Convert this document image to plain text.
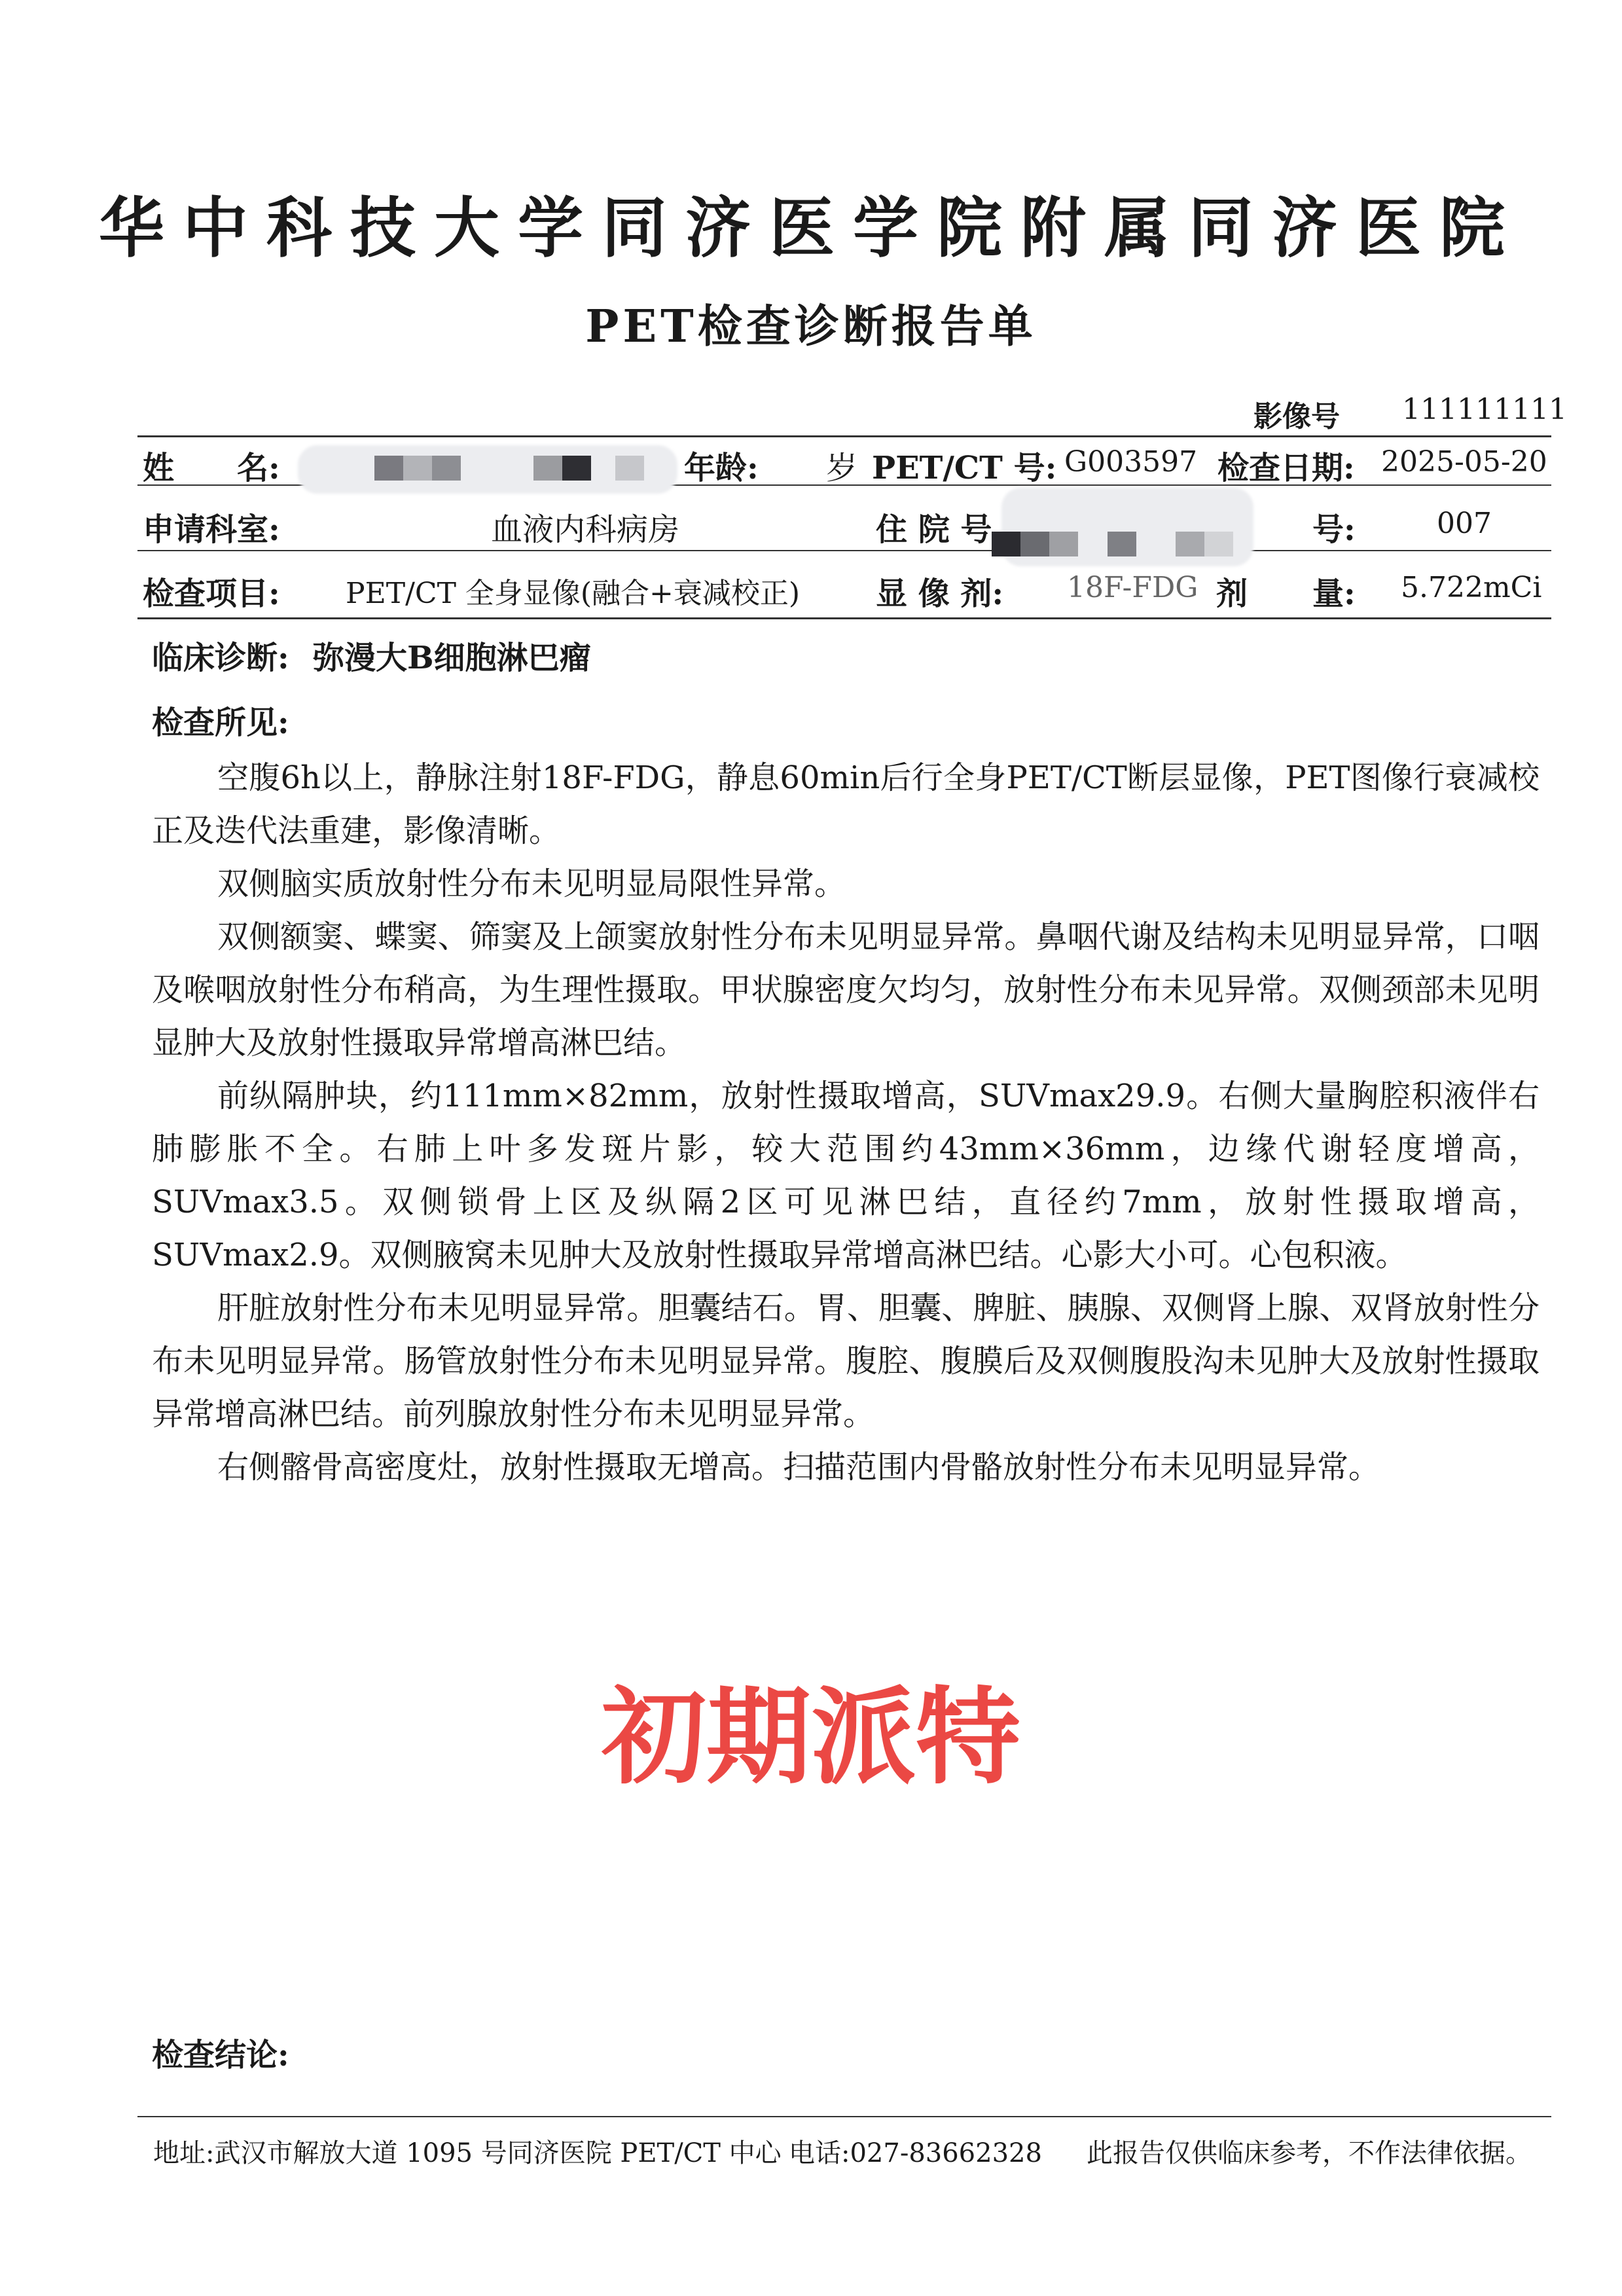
华中科技大学同济医学院附属同济医院
PET检查诊断报告单
影像号 111111111
姓　　名:	年龄: 岁 PET/CT 号: G003597 检查日期: 2025-05-20
申请科室:	血液内科病房	住 院 号	号:	007
检查项目: PET/CT 全身显像(融合+衰减校正) 显 像 剂: 18F-FDG 剂 量: 5.722mCi
临床诊断: 弥漫大B细胞淋巴瘤
检查所见:

空腹6h以上，静脉注射18F-FDG，静息60min后行全身PET/CT断层显像，PET图像行衰减校正及迭代法重建，影像清晰。

双侧脑实质放射性分布未见明显局限性异常。

双侧额窦、蝶窦、筛窦及上颌窦放射性分布未见明显异常。鼻咽代谢及结构未见明显异常，口咽及喉咽放射性分布稍高，为生理性摄取。甲状腺密度欠均匀，放射性分布未见异常。双侧颈部未见明显肿大及放射性摄取异常增高淋巴结。

前纵隔肿块，约111mm×82mm，放射性摄取增高，SUVmax29.9。右侧大量胸腔积液伴右肺膨胀不全。右肺上叶多发斑片影，较大范围约43mm×36mm，边缘代谢轻度增高，SUVmax3.5。双侧锁骨上区及纵隔2区可见淋巴结，直径约7mm，放射性摄取增高，SUVmax2.9。双侧腋窝未见肿大及放射性摄取异常增高淋巴结。心影大小可。心包积液。

肝脏放射性分布未见明显异常。胆囊结石。胃、胆囊、脾脏、胰腺、双侧肾上腺、双肾放射性分布未见明显异常。肠管放射性分布未见明显异常。腹腔、腹膜后及双侧腹股沟未见肿大及放射性摄取异常增高淋巴结。前列腺放射性分布未见明显异常。

右侧髂骨高密度灶，放射性摄取无增高。扫描范围内骨骼放射性分布未见明显异常。

初期派特
检查结论:
地址:武汉市解放大道 1095 号同济医院 PET/CT 中心 电话:027-83662328 此报告仅供临床参考，不作法律依据。
